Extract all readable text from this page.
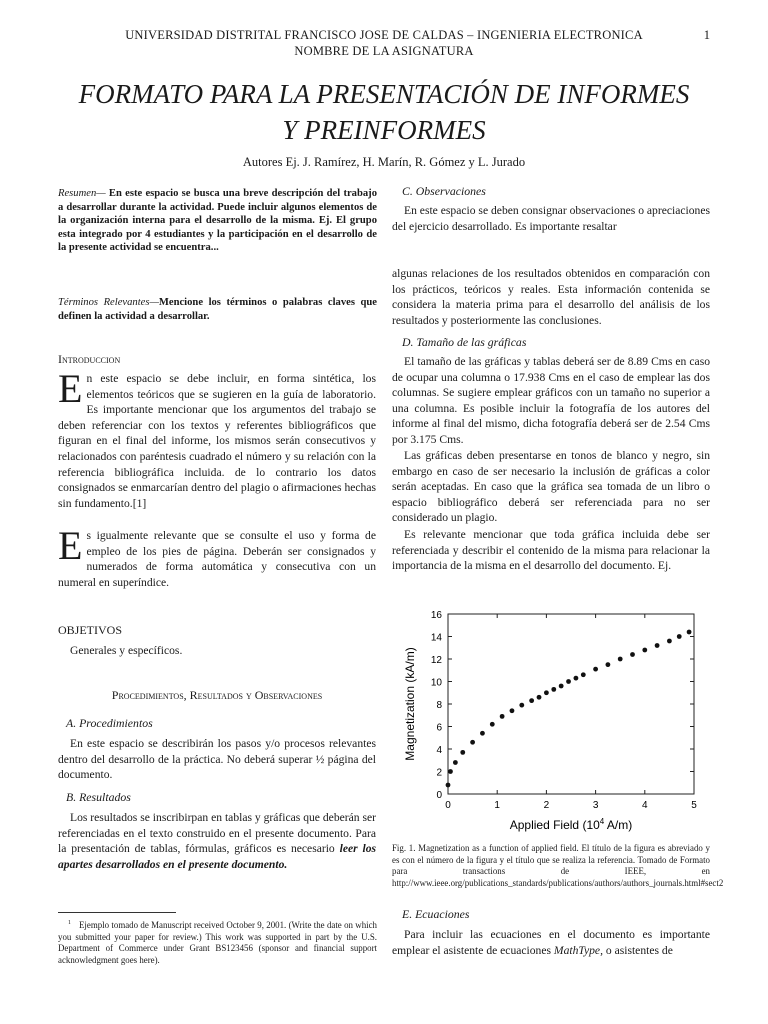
UNIVERSIDAD DISTRITAL FRANCISCO JOSE DE CALDAS – INGENIERIA ELECTRONICA
NOMBRE DE LA ASIGNATURA
1
FORMATO PARA LA PRESENTACIÓN DE INFORMES
Y PREINFORMES
Autores Ej. J. Ramírez, H. Marín, R. Gómez y L. Jurado
Resumen— En este espacio se busca una breve descripción del trabajo a desarrollar durante la actividad. Puede incluir algunos elementos de la organización interna para el desarrollo de la misma. Ej. El grupo esta integrado por 4 estudiantes y la participación en el desarrollo de la presente actividad se encuentra...
Términos Relevantes—Mencione los términos o palabras claves que definen la actividad a desarrollar.
Introduccion
En este espacio se debe incluir, en forma sintética, los elementos teóricos que se sugieren en la guía de laboratorio. Es importante mencionar que los argumentos del trabajo se deben referenciar con los textos y referentes bibliográficos que figuran en el final del informe, los mismos serán consecutivos y relacionados con paréntesis cuadrado el número y su relación con la referencia bibliográfica incluida. de lo contrario los datos consignados se enmarcarían dentro del plagio o afirmaciones hechas sin fundamento.[1]
Es igualmente relevante que se consulte el uso y forma de empleo de los pies de página. Deberán ser consignados y numerados de forma automática y consecutiva con un numeral en superíndice.
OBJETIVOS
Generales y específicos.
Procedimientos, Resultados y Observaciones
A. Procedimientos
En este espacio se describirán los pasos y/o procesos relevantes dentro del desarrollo de la práctica. No deberá superar ½ página del documento.
B. Resultados
Los resultados se inscribirpan en tablas y gráficas que deberán ser referenciadas en el texto construido en el presente documento. Para la presentación de tablas, fórmulas, gráficos es necesario leer los apartes desarrollados en el presente documento.
$^1$ Ejemplo tomado de Manuscript received October 9, 2001. (Write the date on which you submitted your paper for review.) This work was supported in part by the U.S. Department of Commerce under Grant BS123456 (sponsor and financial support acknowledgment goes here).
C. Observaciones
En este espacio se deben consignar observaciones o apreciaciones del ejercicio desarrollado. Es importante resaltar
algunas relaciones de los resultados obtenidos en comparación con los prácticos, teóricos y reales. Esta información contenida se considera la materia prima para el desarrollo del análisis de los resultados y posteriormente las conclusiones.
D. Tamaño de las gráficas
El tamaño de las gráficas y tablas deberá ser de 8.89 Cms en caso de ocupar una columna o 17.938 Cms en el caso de emplear las dos columnas. Se sugiere emplear gráficos con un tamaño no superior a una columna. Es posible incluir la fotografía de los autores del informe al final del mismo, dicha fotografía deberá ser de 2.54 Cms por 3.175 Cms.
Las gráficas deben presentarse en tonos de blanco y negro, sin embargo en caso de ser necesario la inclusión de gráficas a color serán aceptadas. En caso que la gráfica sea tomada de un libro o espacio bibliográfico deberá ser referenciada para no ser considerado un plagio.
Es relevante mencionar que toda gráfica incluida debe ser referenciada y describir el contenido de la misma para relacionar la importancia de la misma en el desarrollo del documento. Ej.
0
2
4
6
8
10
12
14
16
0	1	2	3	4	5
Applied Field ($10^4$ A/m)
Magnetization (kA/m)
Fig. 1. Magnetization as a function of applied field. El título de la figura es abreviado y es con el número de la figura y el título que se realiza la referencia. Tomado de Formato para transactions de IEEE, en http://www.ieee.org/publications_standards/publications/authors/authors_journals.html#sect2
E. Ecuaciones
Para incluir las ecuaciones en el documento es importante emplear el asistente de ecuaciones MathType, o asistentes de
